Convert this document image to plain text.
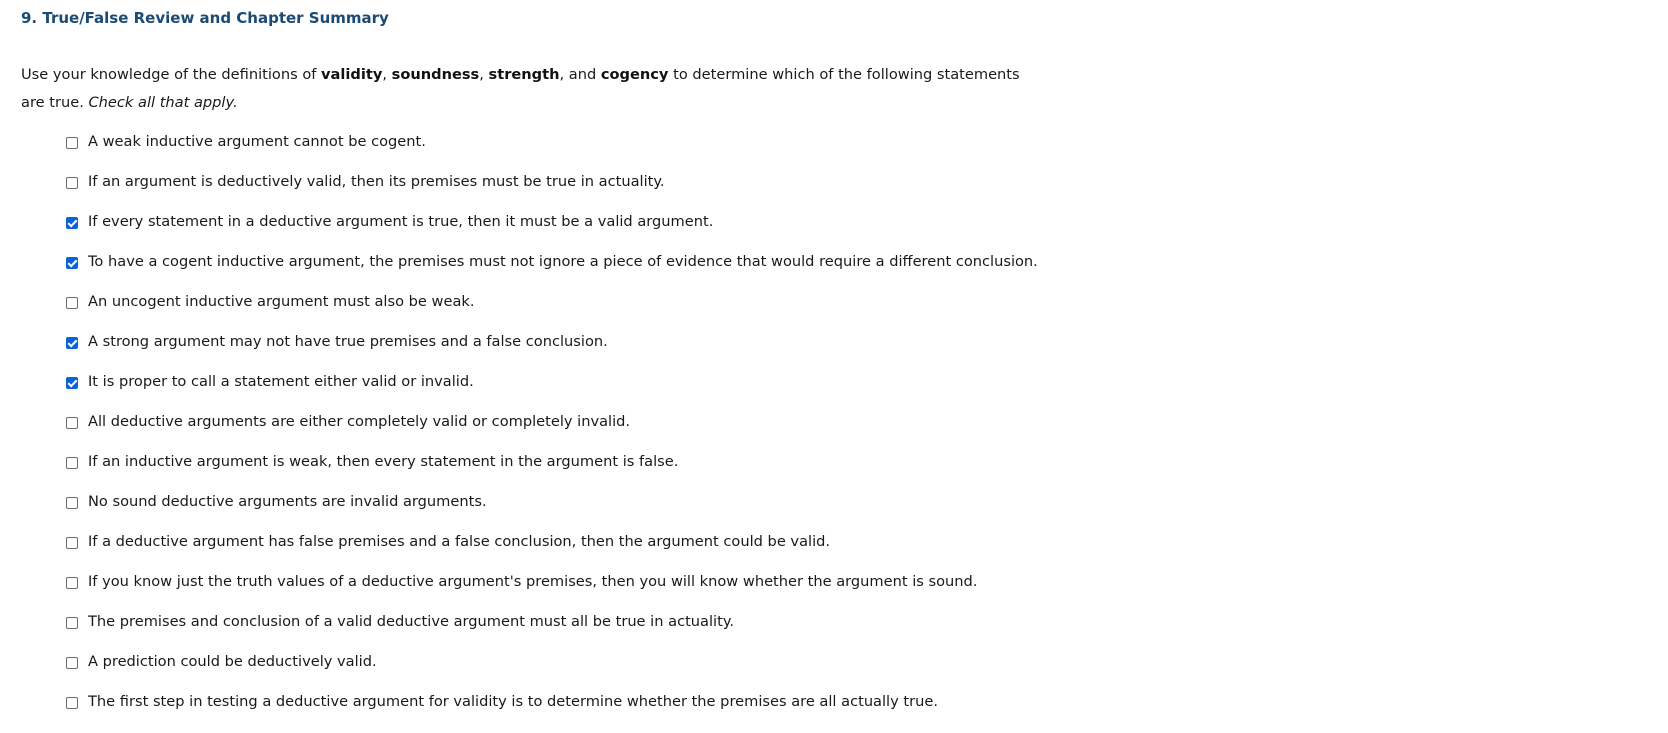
9. True/False Review and Chapter Summary
Use your knowledge of the definitions of validity, soundness, strength, and cogency to determine which of the following statements are true. Check all that apply.
A weak inductive argument cannot be cogent.
If an argument is deductively valid, then its premises must be true in actuality.
If every statement in a deductive argument is true, then it must be a valid argument.
To have a cogent inductive argument, the premises must not ignore a piece of evidence that would require a different conclusion.
An uncogent inductive argument must also be weak.
A strong argument may not have true premises and a false conclusion.
It is proper to call a statement either valid or invalid.
All deductive arguments are either completely valid or completely invalid.
If an inductive argument is weak, then every statement in the argument is false.
No sound deductive arguments are invalid arguments.
If a deductive argument has false premises and a false conclusion, then the argument could be valid.
If you know just the truth values of a deductive argument's premises, then you will know whether the argument is sound.
The premises and conclusion of a valid deductive argument must all be true in actuality.
A prediction could be deductively valid.
The first step in testing a deductive argument for validity is to determine whether the premises are all actually true.
